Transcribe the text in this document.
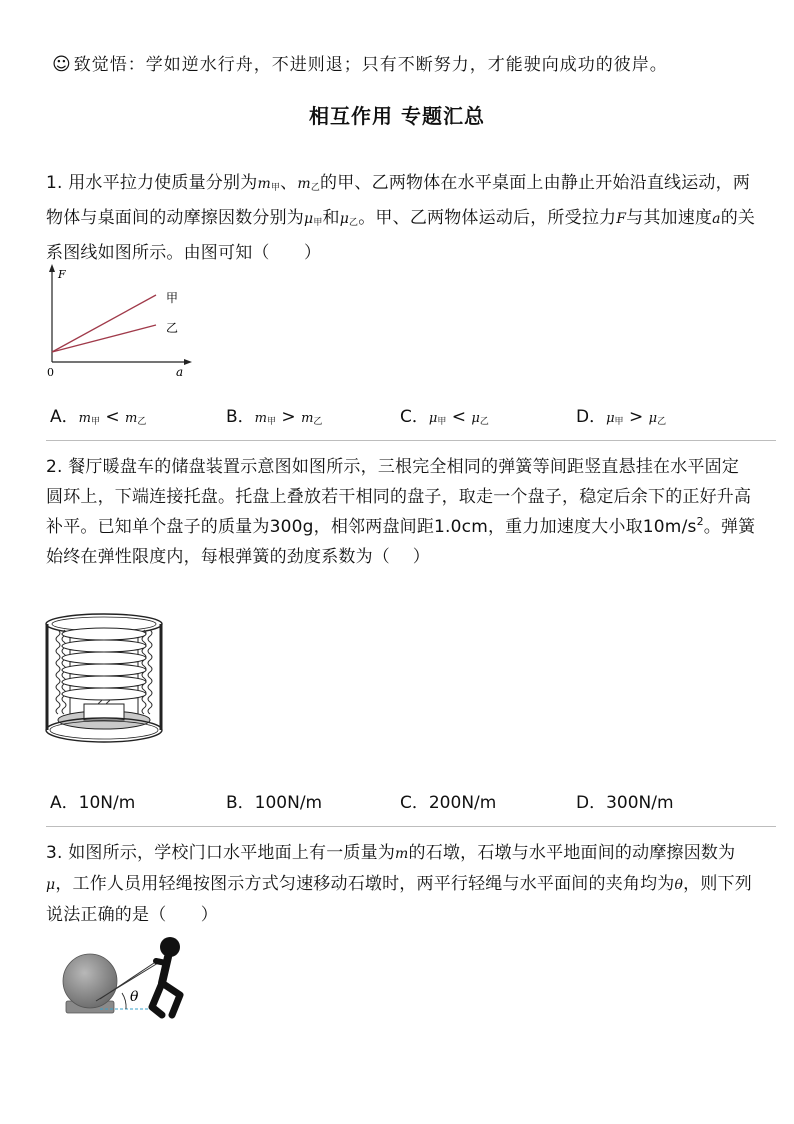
☺ 致觉悟：学如逆水行舟，不进则退；只有不断努力，才能驶向成功的彼岸。
相互作用 专题汇总
1. 用水平拉力使质量分别为m甲、m乙的甲、乙两物体在水平桌面上由静止开始沿直线运动，两物体与桌面间的动摩擦因数分别为μ甲和μ乙。甲、乙两物体运动后，所受拉力F与其加速度a的关系图线如图所示。由图可知（　　）
F
a
0
甲
乙
A．m甲 < m乙	B．m甲 > m乙	C．μ甲 < μ乙	D．μ甲 > μ乙
2. 餐厅暖盘车的储盘装置示意图如图所示，三根完全相同的弹簧等间距竖直悬挂在水平固定圆环上，下端连接托盘。托盘上叠放若干相同的盘子，取走一个盘子，稳定后余下的正好升高补平。已知单个盘子的质量为300g，相邻两盘间距1.0cm，重力加速度大小取$10m/s^2$。弹簧始终在弹性限度内，每根弹簧的劲度系数为（　 ）
A．10N/m	B．100N/m	C．200N/m	D．300N/m
3. 如图所示，学校门口水平地面上有一质量为m的石墩，石墩与水平地面间的动摩擦因数为μ，工作人员用轻绳按图示方式匀速移动石墩时，两平行轻绳与水平面间的夹角均为θ，则下列说法正确的是（　　）
θ
